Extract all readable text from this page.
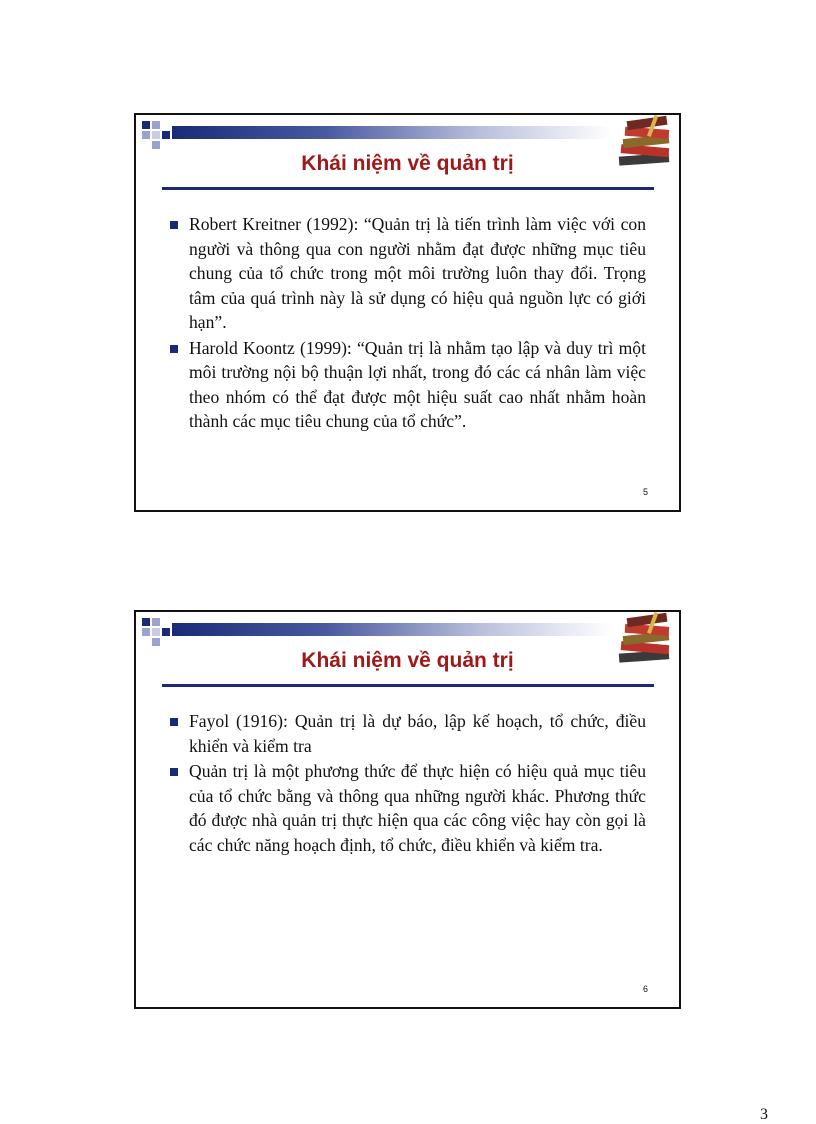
Khái niệm về quản trị
Robert Kreitner (1992): “Quản trị là tiến trình làm việc với con người và thông qua con người nhằm đạt được những mục tiêu chung của tổ chức trong một môi trường luôn thay đổi. Trọng tâm của quá trình này là sử dụng có hiệu quả nguồn lực có giới hạn”.
Harold Koontz (1999): “Quản trị là nhằm tạo lập và duy trì một môi trường nội bộ thuận lợi nhất, trong đó các cá nhân làm việc theo nhóm có thể đạt được một hiệu suất cao nhất nhằm hoàn thành các mục tiêu chung của tổ chức”.
5
Khái niệm về quản trị
Fayol (1916): Quản trị là dự báo, lập kế hoạch, tổ chức, điều khiển và kiểm tra
Quản trị là một phương thức để thực hiện có hiệu quả mục tiêu của tổ chức bằng và thông qua những người khác. Phương thức đó được nhà quản trị thực hiện qua các công việc hay còn gọi là các chức năng hoạch định, tổ chức, điều khiển và kiểm tra.
6
3
